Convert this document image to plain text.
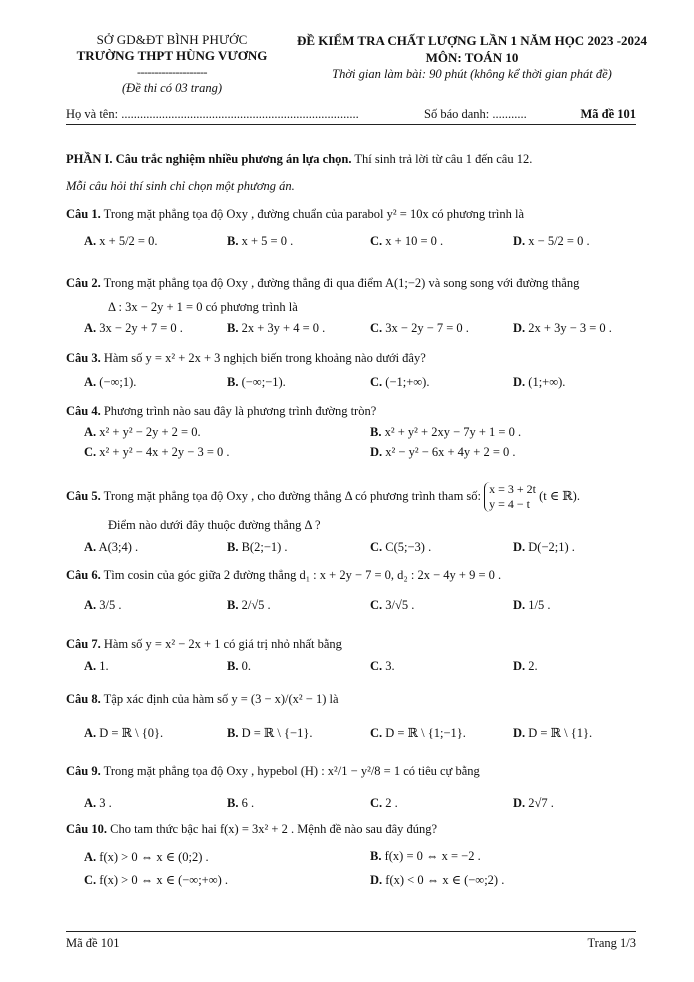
SỞ GD&ĐT BÌNH PHƯỚC
TRƯỜNG THPT HÙNG VƯƠNG
--------------------
(Đề thi có 03 trang)
ĐỀ KIỂM TRA CHẤT LƯỢNG LẦN 1 NĂM HỌC 2023 -2024
MÔN: TOÁN 10
Thời gian làm bài: 90 phút (không kể thời gian phát đề)
Họ và tên: ............................................................................	Số báo danh: ...........	Mã đề 101
PHẦN I. Câu trắc nghiệm nhiều phương án lựa chọn. Thí sinh trả lời từ câu 1 đến câu 12.
Mỗi câu hỏi thí sinh chỉ chọn một phương án.
Câu 1. Trong mặt phẳng tọa độ Oxy , đường chuẩn của parabol y² = 10x có phương trình là
A. x + 5/2 = 0.	B. x + 5 = 0 .	C. x + 10 = 0 .	D. x − 5/2 = 0 .
Câu 2. Trong mặt phẳng tọa độ Oxy , đường thẳng đi qua điểm A(1;−2) và song song với đường thẳng
Δ : 3x − 2y + 1 = 0 có phương trình là
A. 3x − 2y + 7 = 0 .	B. 2x + 3y + 4 = 0 .	C. 3x − 2y − 7 = 0 .	D. 2x + 3y − 3 = 0 .
Câu 3. Hàm số y = x² + 2x + 3 nghịch biến trong khoảng nào dưới đây?
A. (−∞;1).	B. (−∞;−1).	C. (−1;+∞).	D. (1;+∞).
Câu 4. Phương trình nào sau đây là phương trình đường tròn?
A. x² + y² − 2y + 2 = 0.	B. x² + y² + 2xy − 7y + 1 = 0 .
C. x² + y² − 4x + 2y − 3 = 0 .	D. x² − y² − 6x + 4y + 2 = 0 .
Câu 5. Trong mặt phẳng tọa độ Oxy , cho đường thẳng Δ có phương trình tham số: x = 3 + 2t
y = 4 − t (t ∈ ℝ).
Điểm nào dưới đây thuộc đường thẳng Δ ?
A. A(3;4) .	B. B(2;−1) .	C. C(5;−3) .	D. D(−2;1) .
Câu 6. Tìm cosin của góc giữa 2 đường thẳng d₁ : x + 2y − 7 = 0, d₂ : 2x − 4y + 9 = 0 .
A. 3/5 .	B. 2/√5 .	C. 3/√5 .	D. 1/5 .
Câu 7. Hàm số y = x² − 2x + 1 có giá trị nhỏ nhất bằng
A. 1.	B. 0.	C. 3.	D. 2.
Câu 8. Tập xác định của hàm số y = (3 − x)/(x² − 1) là
A. D = ℝ \ {0}.	B. D = ℝ \ {−1}.	C. D = ℝ \ {1;−1}.	D. D = ℝ \ {1}.
Câu 9. Trong mặt phẳng tọa độ Oxy , hypebol (H) : x²/1 − y²/8 = 1 có tiêu cự bằng
A. 3 .	B. 6 .	C. 2 .	D. 2√7 .
Câu 10. Cho tam thức bậc hai f(x) = 3x² + 2 . Mệnh đề nào sau đây đúng?
A. f(x) > 0 ⇔ x ∈ (0;2) .	B. f(x) = 0 ⇔ x = −2 .
C. f(x) > 0 ⇔ x ∈ (−∞;+∞) .	D. f(x) < 0 ⇔ x ∈ (−∞;2) .
Mã đề 101	Trang 1/3
